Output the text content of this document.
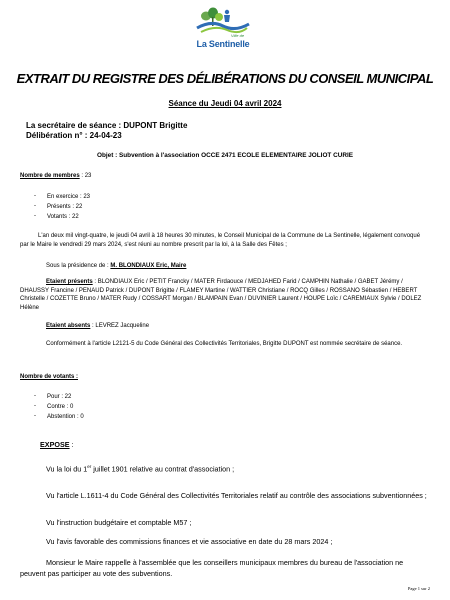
Ville de
La Sentinelle
EXTRAIT DU REGISTRE DES DÉLIBÉRATIONS DU CONSEIL MUNICIPAL
Séance du Jeudi 04 avril 2024
La secrétaire de séance : DUPONT Brigitte
Délibération n° : 24-04-23
Objet : Subvention à l'association OCCE 2471 ECOLE ELEMENTAIRE JOLIOT CURIE
Nombre de membres : 23
- En exercice : 23
- Présents : 22
- Votants : 22
L'an deux mil vingt-quatre, le jeudi 04 avril à 18 heures 30 minutes, le Conseil Municipal de la Commune de La Sentinelle, légalement convoqué par le Maire le vendredi 29 mars 2024, s'est réuni au nombre prescrit par la loi, à la Salle des Fêtes ;
Sous la présidence de : M. BLONDIAUX Eric, Maire
Etaient présents : BLONDIAUX Eric / PETIT Francky / MATER Firdaouce / MEDJAHED Farid / CAMPHIN Nathalie / GABET Jérémy / DHAUSSY Francine / PENAUD Patrick / DUPONT Brigitte / FLAMEY Martine / WATTIER Christiane / ROCQ Gilles / ROSSANO Sébastien / HEBERT Christelle / COZETTE Bruno / MATER Rudy / COSSART Morgan / BLAMPAIN Evan / DUVINIER Laurent / HOUPE Loïc / CAREMIAUX Sylvie / DOLEZ Hélène
Etaient absents : LEVREZ Jacqueline
Conformément à l'article L2121-5 du Code Général des Collectivités Territoriales, Brigitte DUPONT est nommée secrétaire de séance.
Nombre de votants :
- Pour : 22
- Contre : 0
- Abstention : 0
EXPOSE :
Vu la loi du 1er juillet 1901 relative au contrat d'association ;
Vu l'article L.1611-4 du Code Général des Collectivités Territoriales relatif au contrôle des associations subventionnées ;
Vu l'instruction budgétaire et comptable M57 ;
Vu l'avis favorable des commissions finances et vie associative en date du 28 mars 2024 ;
Monsieur le Maire rappelle à l'assemblée que les conseillers municipaux membres du bureau de l'association ne peuvent pas participer au vote des subventions.
Page 1 sur 2
